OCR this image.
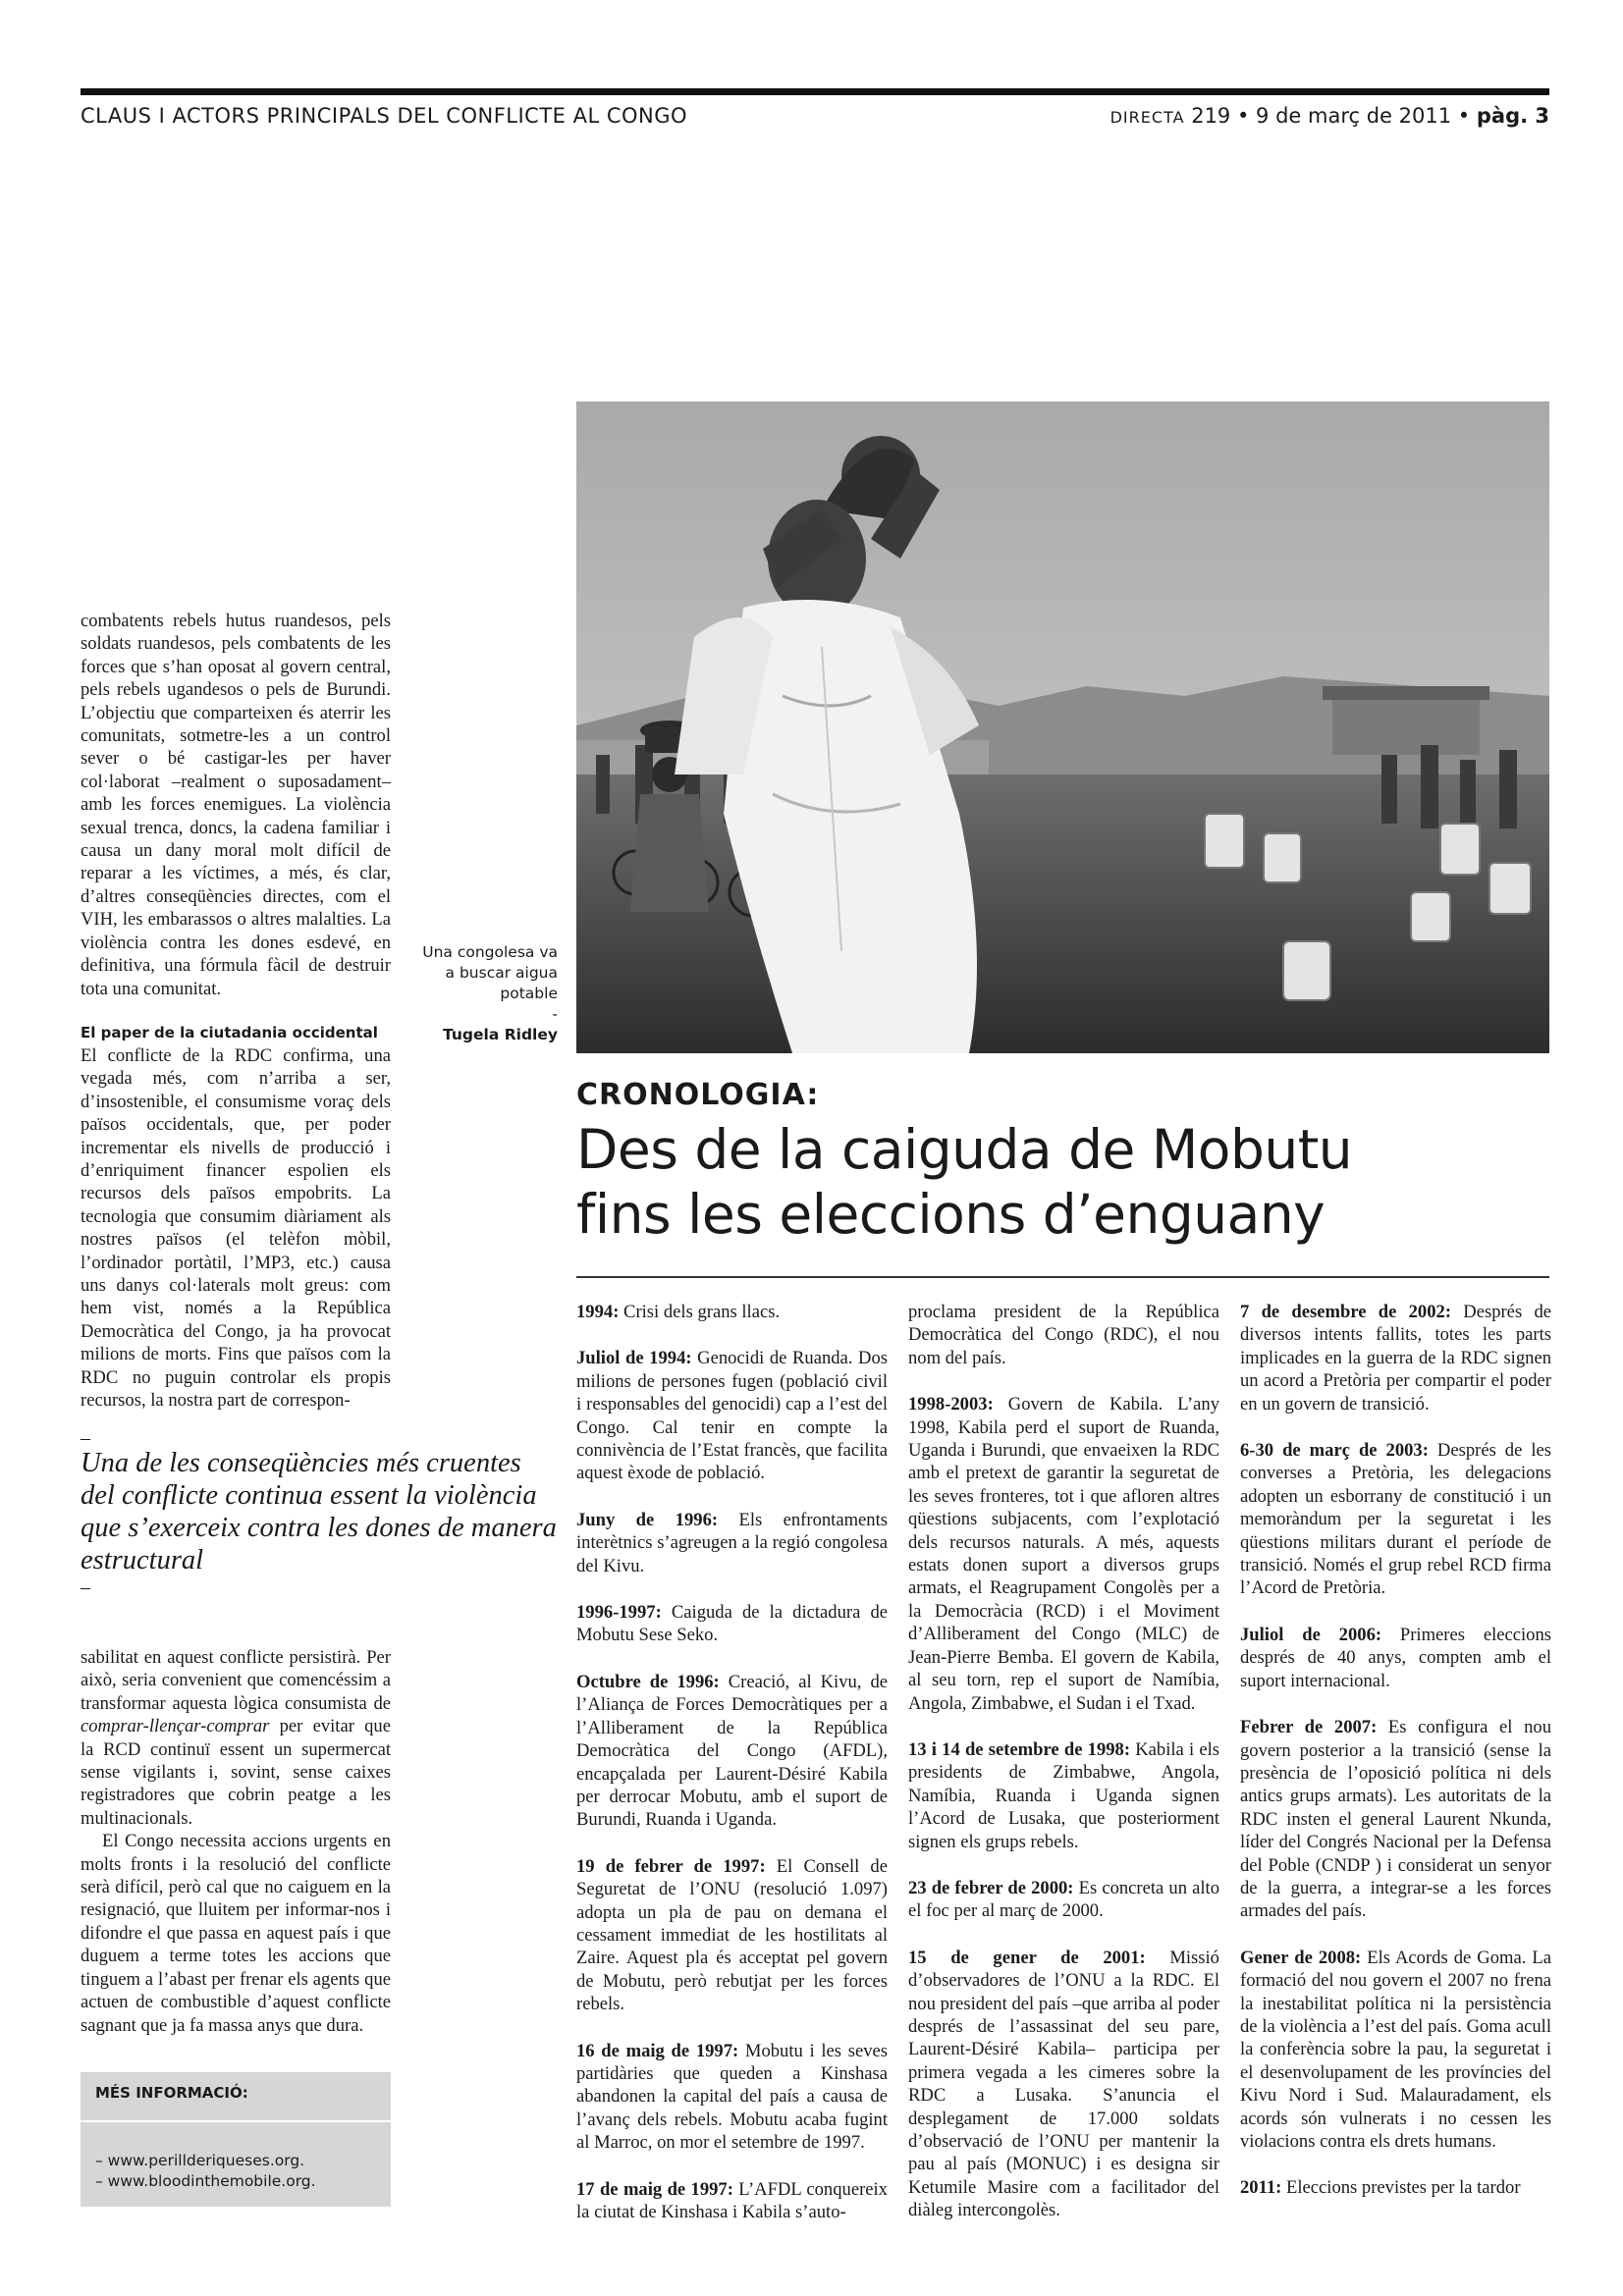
CLAUS I ACTORS PRINCIPALS DEL CONFLICTE AL CONGO	DIRECTA 219 • 9 de març de 2011 • pàg. 3

combatents rebels hutus ruandesos, pels soldats ruandesos, pels combatents de les forces que s’han oposat al govern central, pels rebels ugandesos o pels de Burundi. L’objectiu que comparteixen és aterrir les comunitats, sotmetre-les a un control sever o bé castigar-les per haver col·laborat –realment o suposadament– amb les forces enemigues. La violència sexual trenca, doncs, la cadena familiar i causa un dany moral molt difícil de reparar a les víctimes, a més, és clar, d’altres conseqüències directes, com el VIH, les embarassos o altres malalties. La violència contra les dones esdevé, en definitiva, una fórmula fàcil de destruir tota una comunitat.

El paper de la ciutadania occidental

El conflicte de la RDC confirma, una vegada més, com n’arriba a ser, d’insostenible, el consumisme voraç dels països occidentals, que, per poder incrementar els nivells de producció i d’enriquiment financer espolien els recursos dels països empobrits. La tecnologia que consumim diàriament als nostres països (el telèfon mòbil, l’ordinador portàtil, l’MP3, etc.) causa uns danys col·laterals molt greus: com hem vist, només a la República Democràtica del Congo, ja ha provocat milions de morts. Fins que països com la RDC no puguin controlar els propis recursos, la nostra part de correspon-

–
Una de les conseqüències més cruentes del conflicte continua essent la violència que s’exerceix contra les dones de manera estructural
–

sabilitat en aquest conflicte persistirà. Per això, seria convenient que comencéssim a transformar aquesta lògica consumista de comprar-llençar-comprar per evitar que la RCD continuï essent un supermercat sense vigilants i, sovint, sense caixes registradores que cobrin peatge a les multinacionals.

El Congo necessita accions urgents en molts fronts i la resolució del conflicte serà difícil, però cal que no caiguem en la resignació, que lluitem per informar-nos i difondre el que passa en aquest país i que duguem a terme totes les accions que tinguem a l’abast per frenar els agents que actuen de combustible d’aquest conflicte sagnant que ja fa massa anys que dura.

Una congolesa va a buscar aigua potable
-
Tugela Ridley
CRONOLOGIA:
Des de la caiguda de Mobutu
fins les eleccions d’enguany

1994: Crisi dels grans llacs.

Juliol de 1994: Genocidi de Ruanda. Dos milions de persones fugen (població civil i responsables del genocidi) cap a l’est del Congo. Cal tenir en compte la connivència de l’Estat francès, que facilita aquest èxode de població.

Juny de 1996: Els enfrontaments interètnics s’agreugen a la regió congolesa del Kivu.

1996-1997: Caiguda de la dictadura de Mobutu Sese Seko.

Octubre de 1996: Creació, al Kivu, de l’Aliança de Forces Democràtiques per a l’Alliberament de la República Democràtica del Congo (AFDL), encapçalada per Laurent-Désiré Kabila per derrocar Mobutu, amb el suport de Burundi, Ruanda i Uganda.

19 de febrer de 1997: El Consell de Seguretat de l’ONU (resolució 1.097) adopta un pla de pau on demana el cessament immediat de les hostilitats al Zaire. Aquest pla és acceptat pel govern de Mobutu, però rebutjat per les forces rebels.

16 de maig de 1997: Mobutu i les seves partidàries que queden a Kinshasa abandonen la capital del país a causa de l’avanç dels rebels. Mobutu acaba fugint al Marroc, on mor el setembre de 1997.

17 de maig de 1997: L’AFDL conquereix la ciutat de Kinshasa i Kabila s’auto-

proclama president de la República Democràtica del Congo (RDC), el nou nom del país.

1998-2003: Govern de Kabila. L’any 1998, Kabila perd el suport de Ruanda, Uganda i Burundi, que envaeixen la RDC amb el pretext de garantir la seguretat de les seves fronteres, tot i que afloren altres qüestions subjacents, com l’explotació dels recursos naturals. A més, aquests estats donen suport a diversos grups armats, el Reagrupament Congolès per a la Democràcia (RCD) i el Moviment d’Alliberament del Congo (MLC) de Jean-Pierre Bemba. El govern de Kabila, al seu torn, rep el suport de Namíbia, Angola, Zimbabwe, el Sudan i el Txad.

13 i 14 de setembre de 1998: Kabila i els presidents de Zimbabwe, Angola, Namíbia, Ruanda i Uganda signen l’Acord de Lusaka, que posteriorment signen els grups rebels.

23 de febrer de 2000: Es concreta un alto el foc per al març de 2000.

15 de gener de 2001: Missió d’observadores de l’ONU a la RDC. El nou president del país –que arriba al poder després de l’assassinat del seu pare, Laurent-Désiré Kabila– participa per primera vegada a les cimeres sobre la RDC a Lusaka. S’anuncia el desplegament de 17.000 soldats d’observació de l’ONU per mantenir la pau al país (MONUC) i es designa sir Ketumile Masire com a facilitador del diàleg intercongolès.

7 de desembre de 2002: Després de diversos intents fallits, totes les parts implicades en la guerra de la RDC signen un acord a Pretòria per compartir el poder en un govern de transició.

6-30 de març de 2003: Després de les converses a Pretòria, les delegacions adopten un esborrany de constitució i un memoràndum per la seguretat i les qüestions militars durant el període de transició. Només el grup rebel RCD firma l’Acord de Pretòria.

Juliol de 2006: Primeres eleccions després de 40 anys, compten amb el suport internacional.

Febrer de 2007: Es configura el nou govern posterior a la transició (sense la presència de l’oposició política ni dels antics grups armats). Les autoritats de la RDC insten el general Laurent Nkunda, líder del Congrés Nacional per la Defensa del Poble (CNDP ) i considerat un senyor de la guerra, a integrar-se a les forces armades del país.

Gener de 2008: Els Acords de Goma. La formació del nou govern el 2007 no frena la inestabilitat política ni la persistència de la violència a l’est del país. Goma acull la conferència sobre la pau, la seguretat i el desenvolupament de les províncies del Kivu Nord i Sud. Malauradament, els acords són vulnerats i no cessen les violacions contra els drets humans.

2011: Eleccions previstes per la tardor

MÉS INFORMACIÓ:
– www.perillderiqueses.org.
– www.bloodinthemobile.org.
